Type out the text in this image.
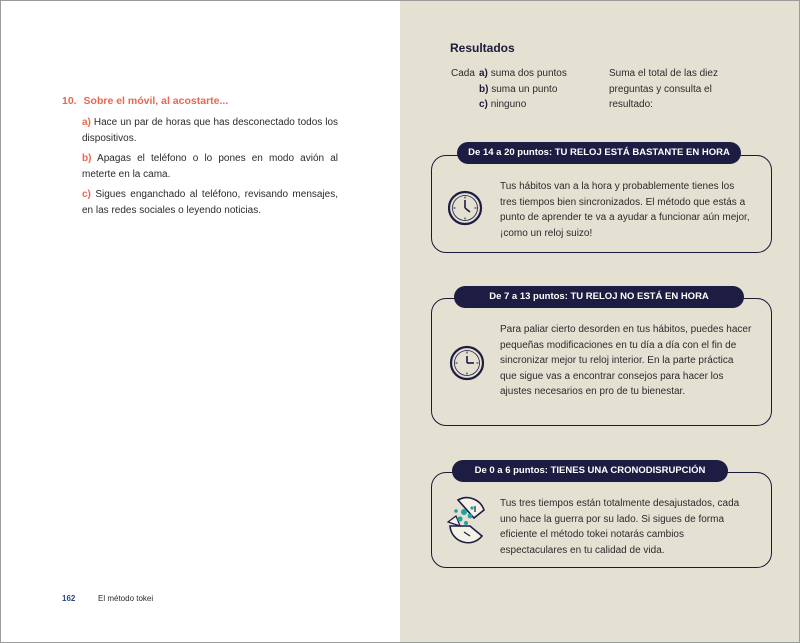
10. Sobre el móvil, al acostarte...
a) Hace un par de horas que has desconectado todos los dispositivos.
b) Apagas el teléfono o lo pones en modo avión al meterte en la cama.
c) Sigues enganchado al teléfono, revisando mensajes, en las redes sociales o leyendo noticias.
162	El método tokei
Resultados
Cada a) suma dos puntos
b) suma un punto
c) ninguno
Suma el total de las diez preguntas y consulta el resultado:
De 14 a 20 puntos: TU RELOJ ESTÁ BASTANTE EN HORA
Tus hábitos van a la hora y probablemente tienes los tres tiempos bien sincronizados. El método que estás a punto de aprender te va a ayudar a funcionar aún mejor, ¡como un reloj suizo!
De 7 a 13 puntos: TU RELOJ NO ESTÁ EN HORA
Para paliar cierto desorden en tus hábitos, puedes hacer pequeñas modificaciones en tu día a día con el fin de sincronizar mejor tu reloj interior. En la parte práctica que sigue vas a encontrar consejos para hacer los ajustes necesarios en pro de tu bienestar.
De 0 a 6 puntos: TIENES UNA CRONODISRUPCIÓN
Tus tres tiempos están totalmente desajustados, cada uno hace la guerra por su lado. Si sigues de forma eficiente el método tokei notarás cambios espectaculares en tu calidad de vida.
